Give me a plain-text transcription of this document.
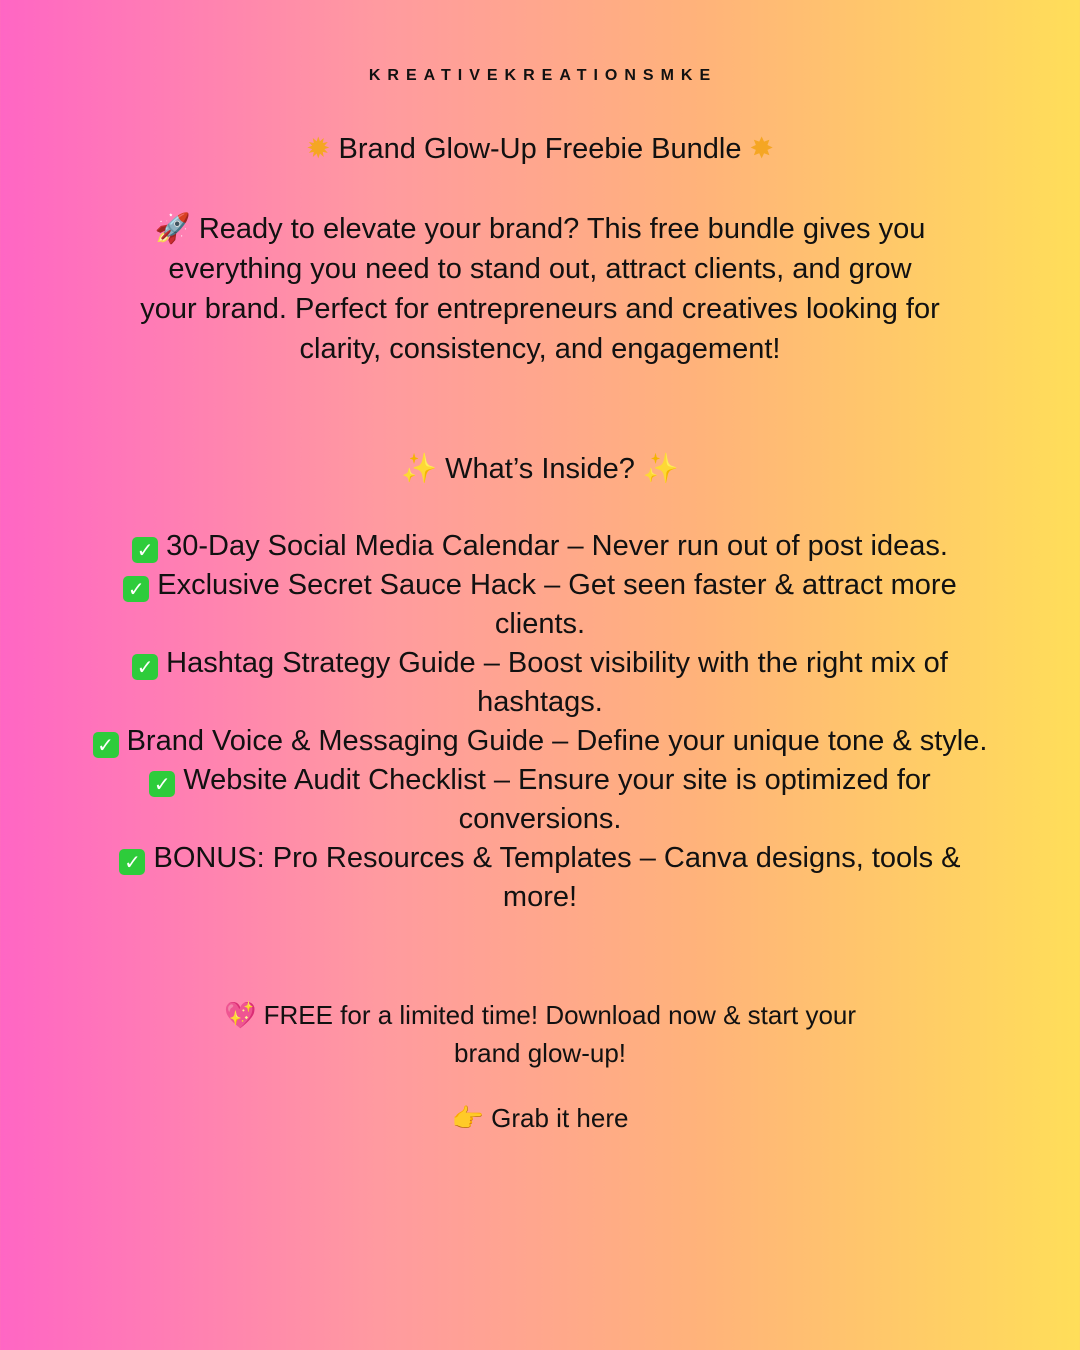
KREATIVEKREATIONSMKE
✹ Brand Glow-Up Freebie Bundle ✸
🚀 Ready to elevate your brand? This free bundle gives you everything you need to stand out, attract clients, and grow your brand. Perfect for entrepreneurs and creatives looking for clarity, consistency, and engagement!
✨ What’s Inside? ✨
✓ 30-Day Social Media Calendar – Never run out of post ideas.
✓ Exclusive Secret Sauce Hack – Get seen faster & attract more clients.
✓ Hashtag Strategy Guide – Boost visibility with the right mix of hashtags.
✓ Brand Voice & Messaging Guide – Define your unique tone & style.
✓ Website Audit Checklist – Ensure your site is optimized for conversions.
✓ BONUS: Pro Resources & Templates – Canva designs, tools & more!
💖 FREE for a limited time! Download now & start your brand glow-up!
👉 Grab it here
